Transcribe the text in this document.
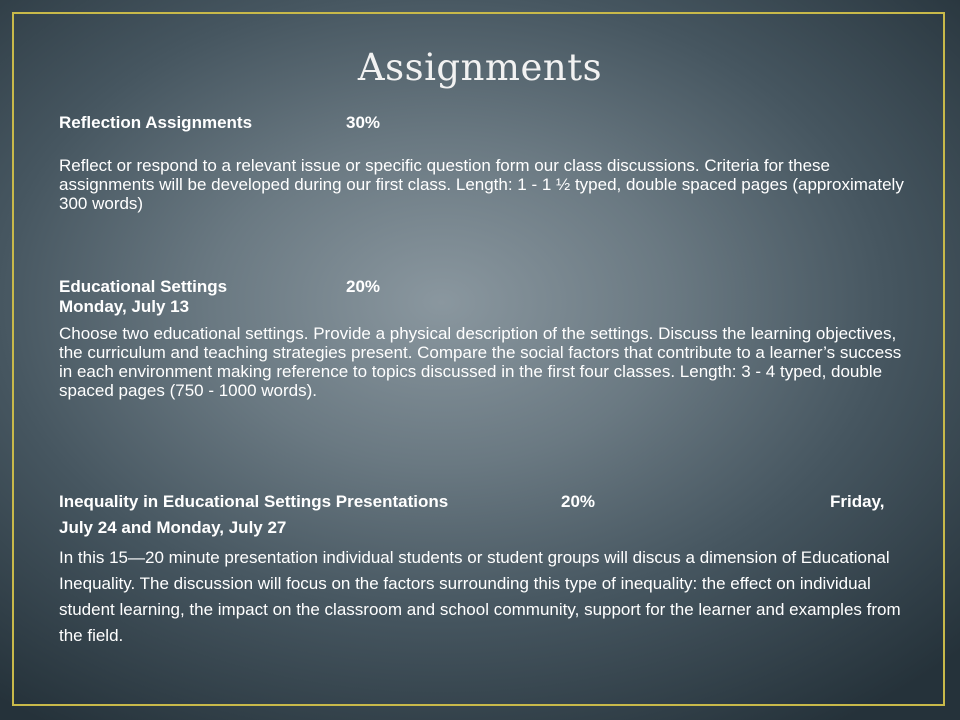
Assignments
Reflection Assignments	30%

Reflect or respond to a relevant issue or specific question form our class discussions. Criteria for these assignments will be developed during our first class. Length: 1 - 1 ½ typed, double spaced pages (approximately 300 words)

Educational Settings	20%
Monday, July 13

Choose two educational settings. Provide a physical description of the settings. Discuss the learning objectives, the curriculum and teaching strategies present. Compare the social factors that contribute to a learner’s success in each environment making reference to topics discussed in the first four classes. Length: 3 - 4 typed, double spaced pages (750 - 1000 words).

Inequality in Educational Settings Presentations	20%	Friday,
July 24 and Monday, July 27

In this 15—20 minute presentation individual students or student groups will discus a dimension of Educational Inequality. The discussion will focus on the factors surrounding this type of inequality: the effect on individual student learning, the impact on the classroom and school community, support for the learner and examples from the field.
